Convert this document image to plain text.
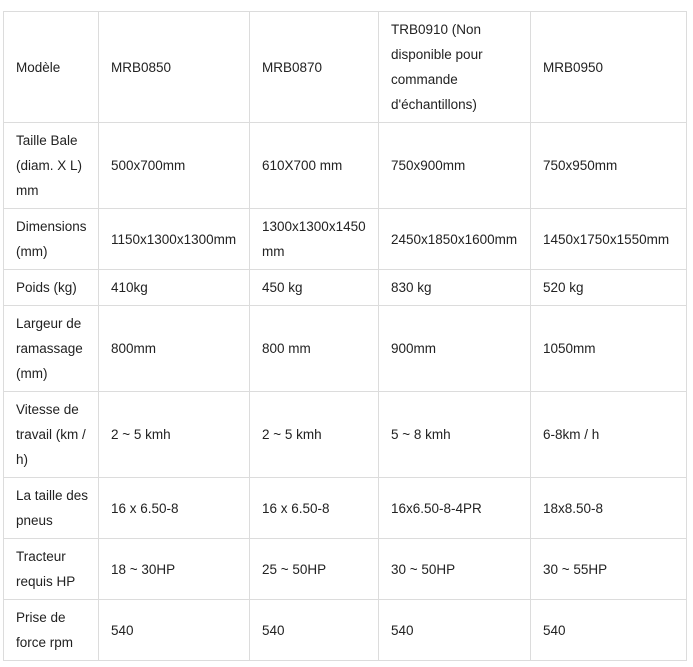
Modèle	MRB0850	MRB0870	TRB0910 (Non disponible pour commande d'échantillons)	MRB0950
Taille Bale (diam. X L) mm	500x700mm	610X700 mm	750x900mm	750x950mm
Dimensions (mm)	1150x1300x1300mm	1300x1300x1450 mm	2450x1850x1600mm	1450x1750x1550mm
Poids (kg)	410kg	450 kg	830 kg	520 kg
Largeur de ramassage (mm)	800mm	800 mm	900mm	1050mm
Vitesse de travail (km / h)	2 ~ 5 kmh	2 ~ 5 kmh	5 ~ 8 kmh	6-8km / h
La taille des pneus	16 x 6.50-8	16 x 6.50-8	16x6.50-8-4PR	18x8.50-8
Tracteur requis HP	18 ~ 30HP	25 ~ 50HP	30 ~ 50HP	30 ~ 55HP
Prise de force rpm	540	540	540	540
